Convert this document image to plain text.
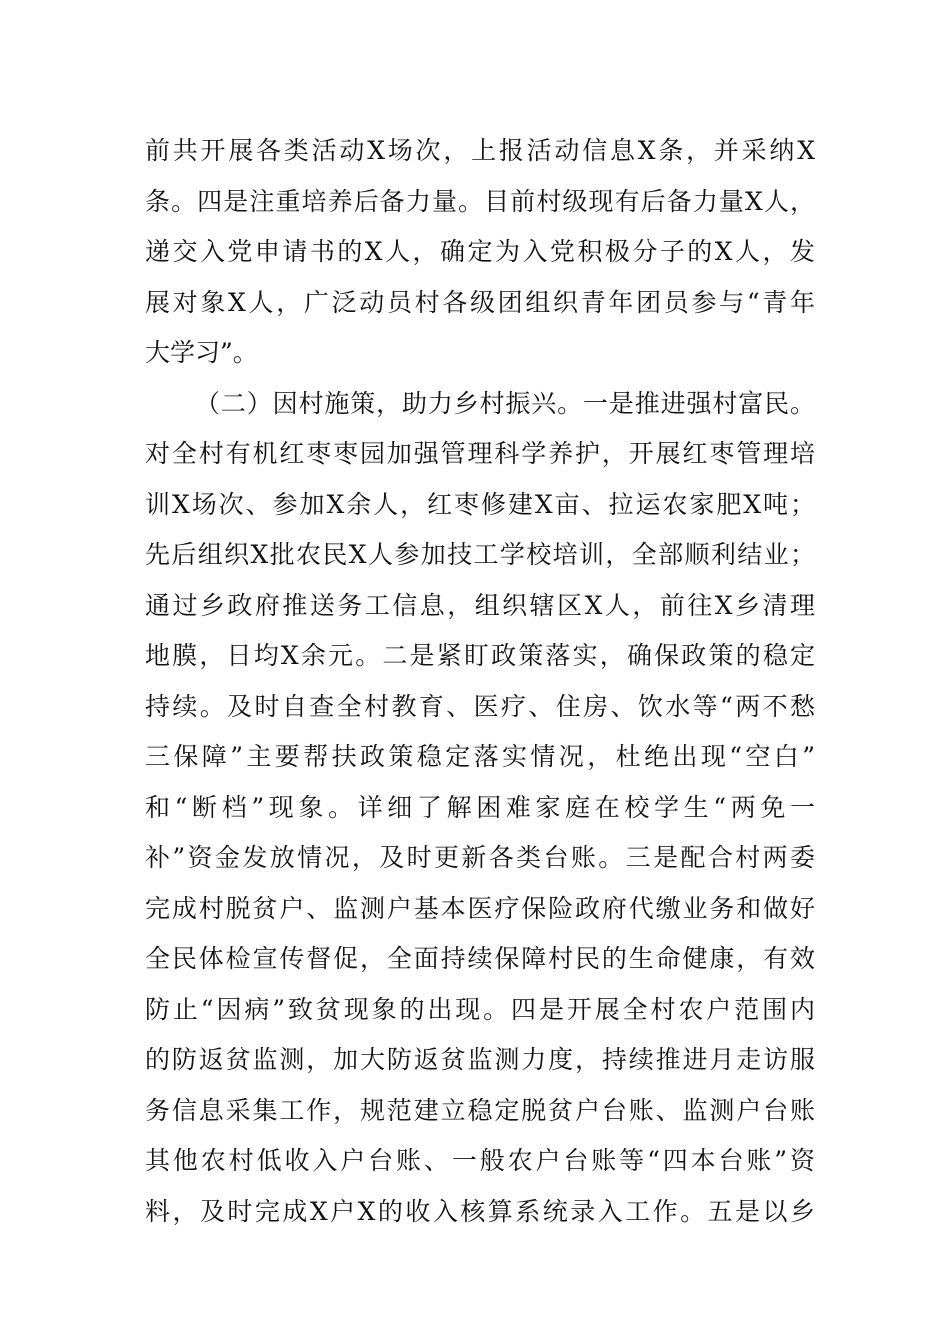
前共开展各类活动X场次，上报活动信息X条，并采纳X
条。四是注重培养后备力量。目前村级现有后备力量X人，
递交入党申请书的X人，确定为入党积极分子的X人，发
展对象X人，广泛动员村各级团组织青年团员参与“青年
大学习”。
（二）因村施策，助力乡村振兴。一是推进强村富民。
对全村有机红枣枣园加强管理科学养护，开展红枣管理培
训X场次、参加X余人，红枣修建X亩、拉运农家肥X吨；
先后组织X批农民X人参加技工学校培训，全部顺利结业；
通过乡政府推送务工信息，组织辖区X人，前往X乡清理
地膜，日均X余元。二是紧盯政策落实，确保政策的稳定
持续。及时自查全村教育、医疗、住房、饮水等“两不愁
三保障”主要帮扶政策稳定落实情况，杜绝出现“空白”
和“断档”现象。详细了解困难家庭在校学生“两免一
补”资金发放情况，及时更新各类台账。三是配合村两委
完成村脱贫户、监测户基本医疗保险政府代缴业务和做好
全民体检宣传督促，全面持续保障村民的生命健康，有效
防止“因病”致贫现象的出现。四是开展全村农户范围内
的防返贫监测，加大防返贫监测力度，持续推进月走访服
务信息采集工作，规范建立稳定脱贫户台账、监测户台账
其他农村低收入户台账、一般农户台账等“四本台账”资
料，及时完成X户X的收入核算系统录入工作。五是以乡
